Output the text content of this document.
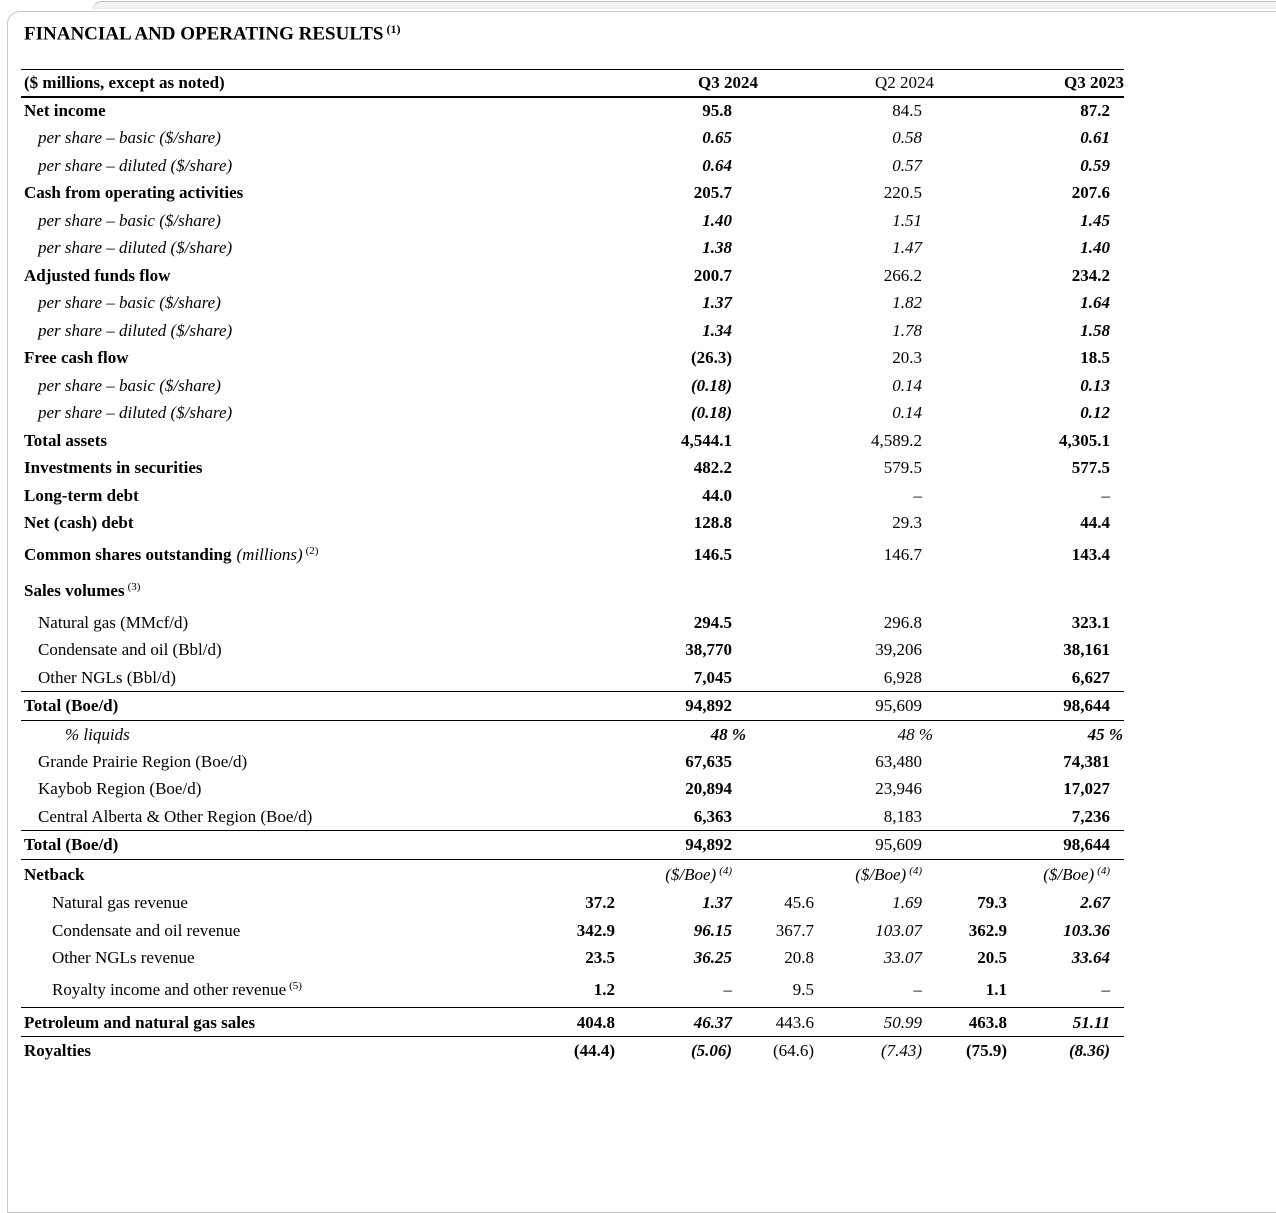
FINANCIAL AND OPERATING RESULTS $^{(1)}$
($ millions, except as noted)	Q3 2024		Q2 2024		Q3 2023	
Net income	95.8		84.5		87.2	
per share – basic ($/share)	0.65		0.58		0.61	
per share – diluted ($/share)	0.64		0.57		0.59	
Cash from operating activities	205.7		220.5		207.6	
per share – basic ($/share)	1.40		1.51		1.45	
per share – diluted ($/share)	1.38		1.47		1.40	
Adjusted funds flow	200.7		266.2		234.2	
per share – basic ($/share)	1.37		1.82		1.64	
per share – diluted ($/share)	1.34		1.78		1.58	
Free cash flow	(26.3)		20.3		18.5	
per share – basic ($/share)	(0.18)		0.14		0.13	
per share – diluted ($/share)	(0.18)		0.14		0.12	
Total assets	4,544.1		4,589.2		4,305.1	
Investments in securities	482.2		579.5		577.5	
Long-term debt	44.0		–		–	
Net (cash) debt	128.8		29.3		44.4	
Common shares outstanding (millions) $^{(2)}$	146.5		146.7		143.4	
Sales volumes $^{(3)}$	
Natural gas (MMcf/d)	294.5		296.8		323.1	
Condensate and oil (Bbl/d)	38,770		39,206		38,161	
Other NGLs (Bbl/d)	7,045		6,928		6,627	
Total (Boe/d)	94,892		95,609		98,644	
% liquids	48 %		48 %		45 %	
Grande Prairie Region (Boe/d)	67,635		63,480		74,381	
Kaybob Region (Boe/d)	20,894		23,946		17,027	
Central Alberta & Other Region (Boe/d)	6,363		8,183		7,236	
Total (Boe/d)	94,892		95,609		98,644	
Netback	($/Boe) $^{(4)}$		($/Boe) $^{(4)}$		($/Boe) $^{(4)}$
Natural gas revenue	37.2	1.37	45.6	1.69	79.3	2.67
Condensate and oil revenue	342.9	96.15	367.7	103.07	362.9	103.36
Other NGLs revenue	23.5	36.25	20.8	33.07	20.5	33.64
Royalty income and other revenue $^{(5)}$	1.2	–	9.5	–	1.1	–
Petroleum and natural gas sales	404.8	46.37	443.6	50.99	463.8	51.11
Royalties	(44.4)	(5.06)	(64.6)	(7.43)	(75.9)	(8.36)
